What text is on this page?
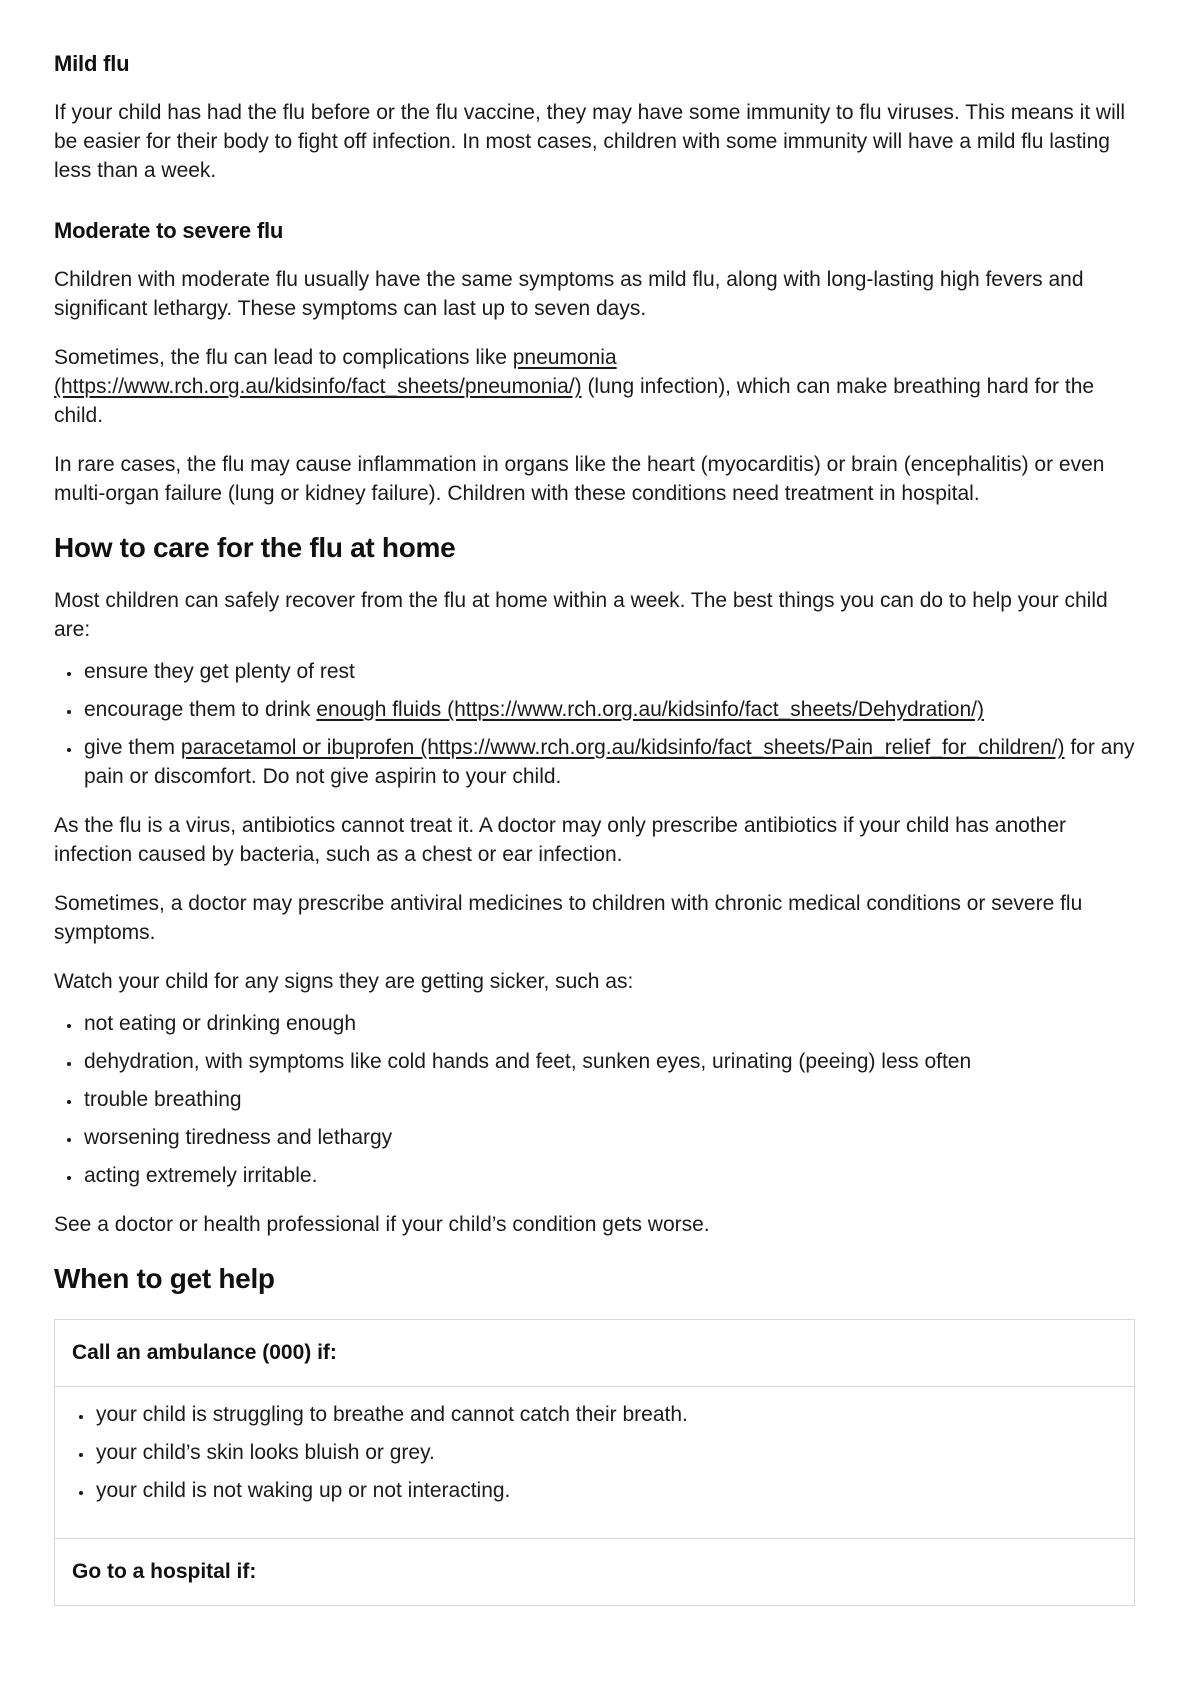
Mild flu

If your child has had the flu before or the flu vaccine, they may have some immunity to flu viruses. This means it will be easier for their body to fight off infection. In most cases, children with some immunity will have a mild flu lasting less than a week.

Moderate to severe flu

Children with moderate flu usually have the same symptoms as mild flu, along with long-lasting high fevers and significant lethargy. These symptoms can last up to seven days.

Sometimes, the flu can lead to complications like pneumonia (https://www.rch.org.au/kidsinfo/fact_sheets/pneumonia/) (lung infection), which can make breathing hard for the child.

In rare cases, the flu may cause inflammation in organs like the heart (myocarditis) or brain (encephalitis) or even multi-organ failure (lung or kidney failure). Children with these conditions need treatment in hospital.

How to care for the flu at home

Most children can safely recover from the flu at home within a week. The best things you can do to help your child are:

• ensure they get plenty of rest
• encourage them to drink enough fluids (https://www.rch.org.au/kidsinfo/fact_sheets/Dehydration/)
• give them paracetamol or ibuprofen (https://www.rch.org.au/kidsinfo/fact_sheets/Pain_relief_for_children/) for any pain or discomfort. Do not give aspirin to your child.

As the flu is a virus, antibiotics cannot treat it. A doctor may only prescribe antibiotics if your child has another infection caused by bacteria, such as a chest or ear infection.

Sometimes, a doctor may prescribe antiviral medicines to children with chronic medical conditions or severe flu symptoms.

Watch your child for any signs they are getting sicker, such as:

• not eating or drinking enough
• dehydration, with symptoms like cold hands and feet, sunken eyes, urinating (peeing) less often
• trouble breathing
• worsening tiredness and lethargy
• acting extremely irritable.

See a doctor or health professional if your child’s condition gets worse.

When to get help
Call an ambulance (000) if:
• your child is struggling to breathe and cannot catch their breath.
• your child’s skin looks bluish or grey.
• your child is not waking up or not interacting.
Go to a hospital if:
